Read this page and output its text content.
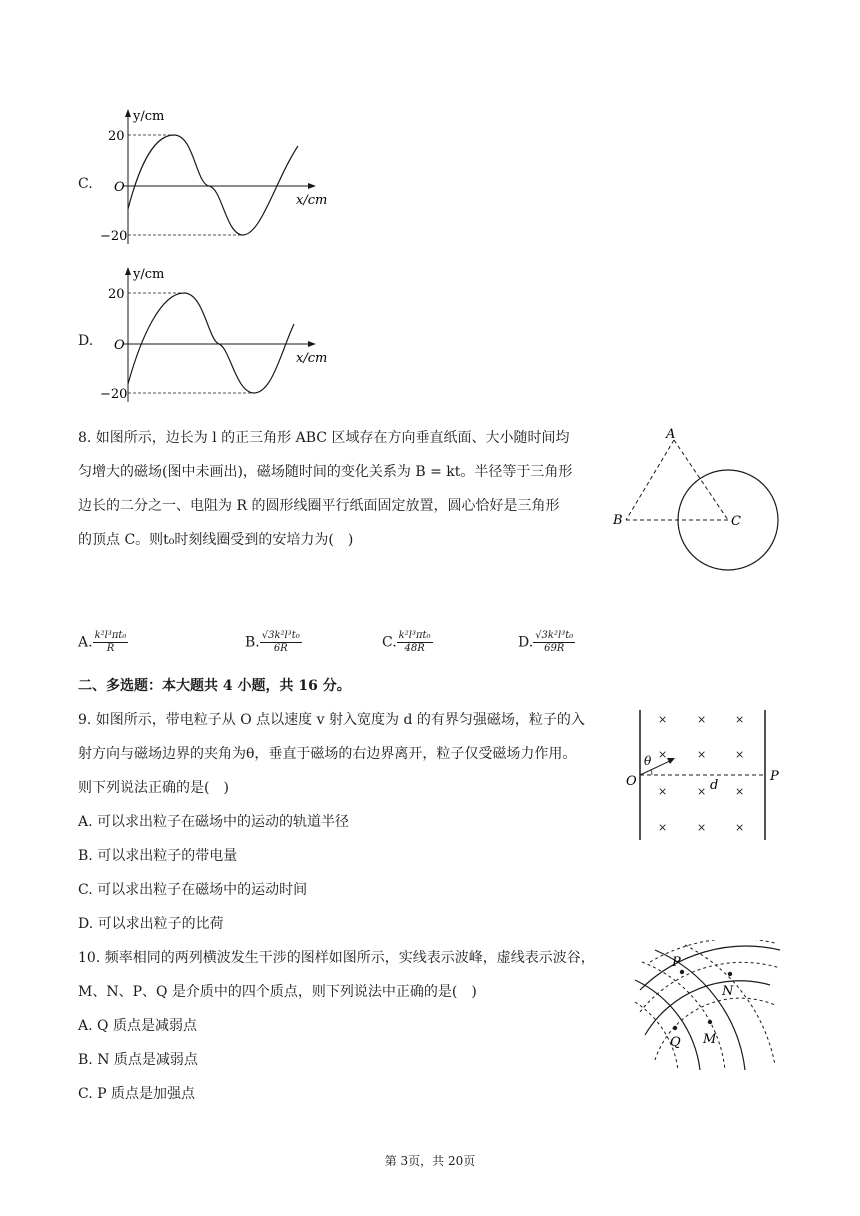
C.
y/cm
x/cm
O
20
−20
D.
y/cm
x/cm
O
20
−20
8. 如图所示，边长为 l 的正三角形 ABC 区域存在方向垂直纸面、大小随时间均
匀增大的磁场(图中未画出)，磁场随时间的变化关系为 B = kt。半径等于三角形
边长的二分之一、电阻为 R 的圆形线圈平行纸面固定放置，圆心恰好是三角形
的顶点 C。则t₀时刻线圈受到的安培力为(　)
A
B	C
A. $\frac{\text{k²l³πt₀}}{R}$	B. $\frac{\text{√3k²l³t₀}}{6R}$	C. $\frac{\text{k²l³πt₀}}{48R}$	D. $\frac{\text{√3k²l³t₀}}{69R}$
二、多选题：本大题共 4 小题，共 16 分。
9. 如图所示，带电粒子从 O 点以速度 v 射入宽度为 d 的有界匀强磁场，粒子的入
射方向与磁场边界的夹角为θ，垂直于磁场的右边界离开，粒子仅受磁场力作用。
则下列说法正确的是(　)
A. 可以求出粒子在磁场中的运动的轨道半径
B. 可以求出粒子的带电量
C. 可以求出粒子在磁场中的运动时间
D. 可以求出粒子的比荷
θ
O	P
d
×	×	×
×	×	×
×	×	×
×	×	×
10. 频率相同的两列横波发生干涉的图样如图所示，实线表示波峰，虚线表示波谷，
M、N、P、Q 是介质中的四个质点，则下列说法中正确的是(　)
A. Q 质点是减弱点
B. N 质点是减弱点
C. P 质点是加强点
P
N
M
Q
第 3页，共 20页
